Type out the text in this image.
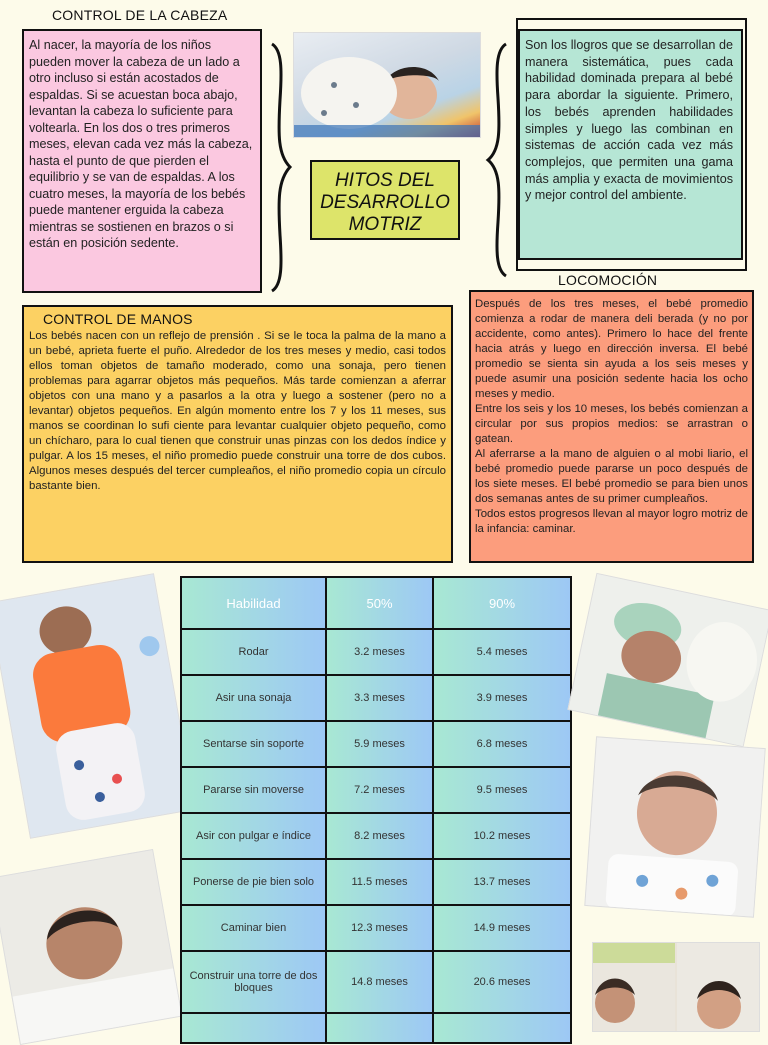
CONTROL DE LA CABEZA
Al nacer, la mayoría de los niños pueden mover la cabeza de un lado a otro incluso si están acostados de espaldas. Si se acuestan boca abajo, levantan la cabeza lo suficiente para voltearla. En los dos o tres primeros meses, elevan cada vez más la cabeza, hasta el punto de que pierden el equilibrio y se van de espaldas. A los cuatro meses, la mayoría de los bebés puede mantener erguida la cabeza mientras se sostienen en brazos o si están en posición sedente.
HITOS DEL
DESARROLLO
MOTRIZ
Son los llogros que se desarrollan de manera sistemática, pues cada habilidad dominada prepara al bebé para abordar la siguiente. Primero, los bebés aprenden habilidades simples y luego las combinan en sistemas de acción cada vez más complejos, que permiten una gama más amplia y exacta de movimientos y mejor control del ambiente.
CONTROL DE MANOS
Los bebés nacen con un reflejo de prensión . Si se le toca la palma de la mano a un bebé, aprieta fuerte el puño. Alrededor de los tres meses y medio, casi todos ellos toman objetos de tamaño moderado, como una sonaja, pero tienen problemas para agarrar objetos más pequeños. Más tarde comienzan a aferrar objetos con una mano y a pasarlos a la otra y luego a sostener (pero no a levantar) objetos pequeños. En algún momento entre los 7 y los 11 meses, sus manos se coordinan lo sufi ciente para levantar cualquier objeto pequeño, como un chícharo, para lo cual tienen que construir unas pinzas con los dedos índice y pulgar. A los 15 meses, el niño promedio puede construir una torre de dos cubos. Algunos meses después del tercer cumpleaños, el niño promedio copia un círculo bastante bien.
LOCOMOCIÓN
Después de los tres meses, el bebé promedio comienza a rodar de manera deli berada (y no por accidente, como antes). Primero lo hace del frente hacia atrás y luego en dirección inversa. El bebé promedio se sienta sin ayuda a los seis meses y puede asumir una posición sedente hacia los ocho meses y medio.
Entre los seis y los 10 meses, los bebés comienzan a circular por sus propios medios: se arrastran o gatean.
Al aferrarse a la mano de alguien o al mobi liario, el bebé promedio puede pararse un poco después de los siete meses. El bebé promedio se para bien unos dos semanas antes de su primer cumpleaños.
Todos estos progresos llevan al mayor logro motriz de la infancia: caminar.
Habilidad	50%	90%
Rodar	3.2 meses	5.4 meses
Asir una sonaja	3.3 meses	3.9 meses
Sentarse sin soporte	5.9 meses	6.8 meses
Pararse sin moverse	7.2 meses	9.5 meses
Asir con pulgar e índice	8.2 meses	10.2 meses
Ponerse de pie bien solo	11.5 meses	13.7 meses
Caminar bien	12.3 meses	14.9 meses
Construir una torre de dos bloques	14.8 meses	20.6 meses
